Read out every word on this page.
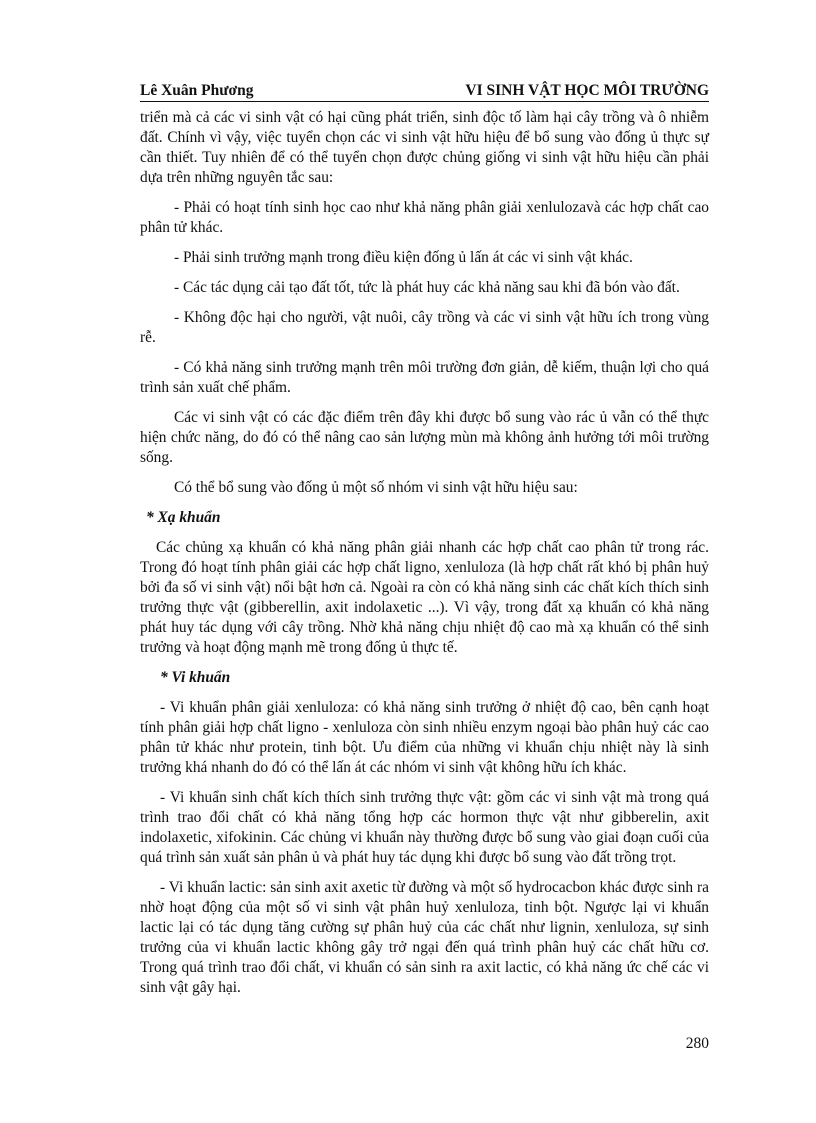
Lê Xuân Phương	VI SINH VẬT HỌC MÔI TRƯỜNG

triển mà cả các vi sinh vật có hại cũng phát triển, sinh độc tố làm hại cây trồng và ô nhiễm đất. Chính vì vậy, việc tuyển chọn các vi sinh vật hữu hiệu để bổ sung vào đống ủ thực sự cần thiết. Tuy nhiên để có thể tuyển chọn được chủng giống vi sinh vật hữu hiệu cần phải dựa trên những nguyên tắc sau:

- Phải có hoạt tính sinh học cao như khả năng phân giải xenlulozavà các hợp chất cao phân tử khác.

- Phải sinh trưởng mạnh trong điều kiện đống ủ lấn át các vi sinh vật khác.

- Các tác dụng cải tạo đất tốt, tức là phát huy các khả năng sau khi đã bón vào đất.

- Không độc hại cho người, vật nuôi, cây trồng và các vi sinh vật hữu ích trong vùng rễ.

- Có khả năng sinh trưởng mạnh trên môi trường đơn giản, dễ kiếm, thuận lợi cho quá trình sản xuất chế phẩm.

Các vi sinh vật có các đặc điểm trên đây khi được bổ sung vào rác ủ vẫn có thể thực hiện chức năng, do đó có thể nâng cao sản lượng mùn mà không ảnh hưởng tới môi trường sống.

Có thể bổ sung vào đống ủ một số nhóm vi sinh vật hữu hiệu sau:

* Xạ khuẩn

Các chủng xạ khuẩn có khả năng phân giải nhanh các hợp chất cao phân tử trong rác. Trong đó hoạt tính phân giải các hợp chất ligno, xenluloza (là hợp chất rất khó bị phân huỷ bởi đa số vi sinh vật) nổi bật hơn cả. Ngoài ra còn có khả năng sinh các chất kích thích sinh trưởng thực vật (gibberellin, axit indolaxetic ...). Vì vậy, trong đất xạ khuẩn có khả năng phát huy tác dụng với cây trồng. Nhờ khả năng chịu nhiệt độ cao mà xạ khuẩn có thể sinh trưởng và hoạt động mạnh mẽ trong đống ủ thực tế.

* Vi khuẩn

- Vi khuẩn phân giải xenluloza: có khả năng sinh trưởng ở nhiệt độ cao, bên cạnh hoạt tính phân giải hợp chất ligno - xenluloza còn sinh nhiều enzym ngoại bào phân huỷ các cao phân tử khác như protein, tinh bột. Ưu điểm của những vi khuẩn chịu nhiệt này là sinh trưởng khá nhanh do đó có thể lấn át các nhóm vi sinh vật không hữu ích khác.

- Vi khuẩn sinh chất kích thích sinh trưởng thực vật: gồm các vi sinh vật mà trong quá trình trao đổi chất có khả năng tổng hợp các hormon thực vật như gibberelin, axit indolaxetic, xifokinin. Các chủng vi khuẩn này thường được bổ sung vào giai đoạn cuối của quá trình sản xuất sản phân ủ và phát huy tác dụng khi được bổ sung vào đất trồng trọt.

- Vi khuẩn lactic: sản sinh axit axetic từ đường và một số hydrocacbon khác được sinh ra nhờ hoạt động của một số vi sinh vật phân huỷ xenluloza, tinh bột. Ngược lại vi khuẩn lactic lại có tác dụng tăng cường sự phân huỷ của các chất như lignin, xenluloza, sự sinh trưởng của vi khuẩn lactic không gây trở ngại đến quá trình phân huỷ các chất hữu cơ. Trong quá trình trao đổi chất, vi khuẩn có sản sinh ra axit lactic, có khả năng ức chế các vi sinh vật gây hại.

280
